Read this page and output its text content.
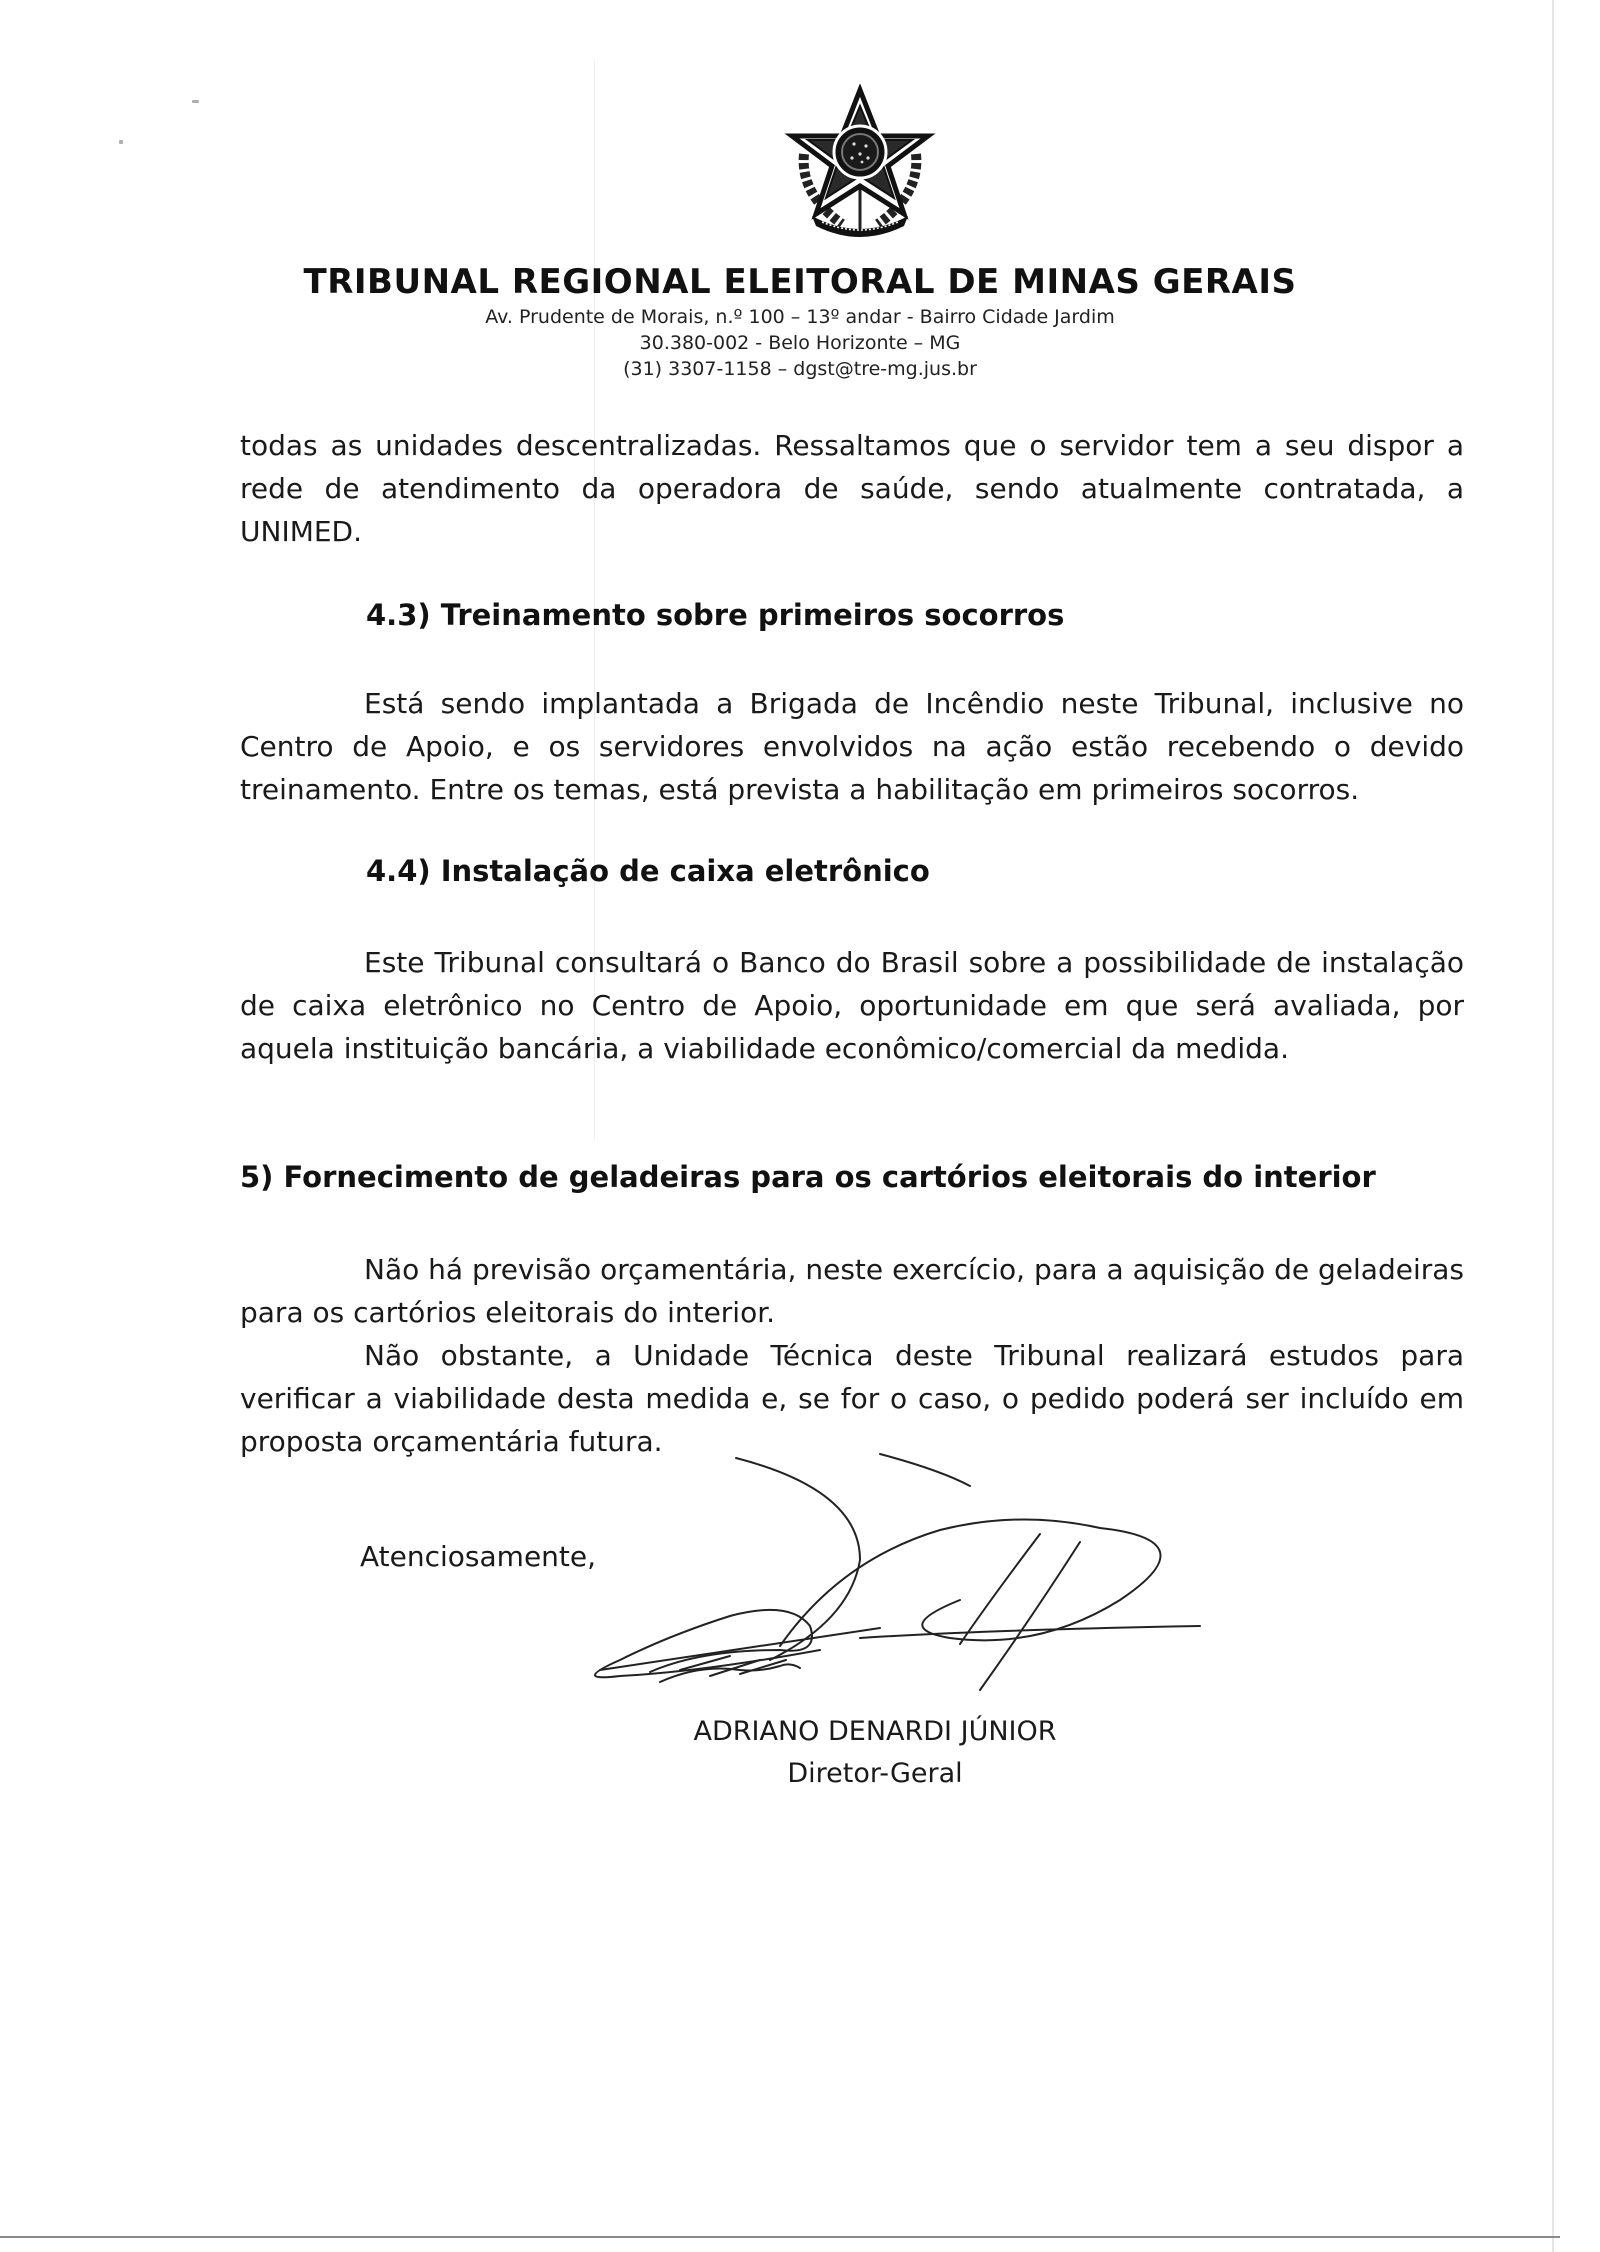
TRIBUNAL REGIONAL ELEITORAL DE MINAS GERAIS
Av. Prudente de Morais, n.º 100 – 13º andar - Bairro Cidade Jardim
30.380-002 - Belo Horizonte – MG
(31) 3307-1158 – dgst@tre-mg.jus.br
todas as unidades descentralizadas. Ressaltamos que o servidor tem a seu dispor a rede de atendimento da operadora de saúde, sendo atualmente contratada, a UNIMED.
4.3) Treinamento sobre primeiros socorros
Está sendo implantada a Brigada de Incêndio neste Tribunal, inclusive no Centro de Apoio, e os servidores envolvidos na ação estão recebendo o devido treinamento. Entre os temas, está prevista a habilitação em primeiros socorros.
4.4) Instalação de caixa eletrônico
Este Tribunal consultará o Banco do Brasil sobre a possibilidade de instalação de caixa eletrônico no Centro de Apoio, oportunidade em que será avaliada, por aquela instituição bancária, a viabilidade econômico/comercial da medida.
5) Fornecimento de geladeiras para os cartórios eleitorais do interior
Não há previsão orçamentária, neste exercício, para a aquisição de geladeiras para os cartórios eleitorais do interior.
Não obstante, a Unidade Técnica deste Tribunal realizará estudos para verificar a viabilidade desta medida e, se for o caso, o pedido poderá ser incluído em proposta orçamentária futura.
Atenciosamente,
ADRIANO DENARDI JÚNIOR
Diretor-Geral
